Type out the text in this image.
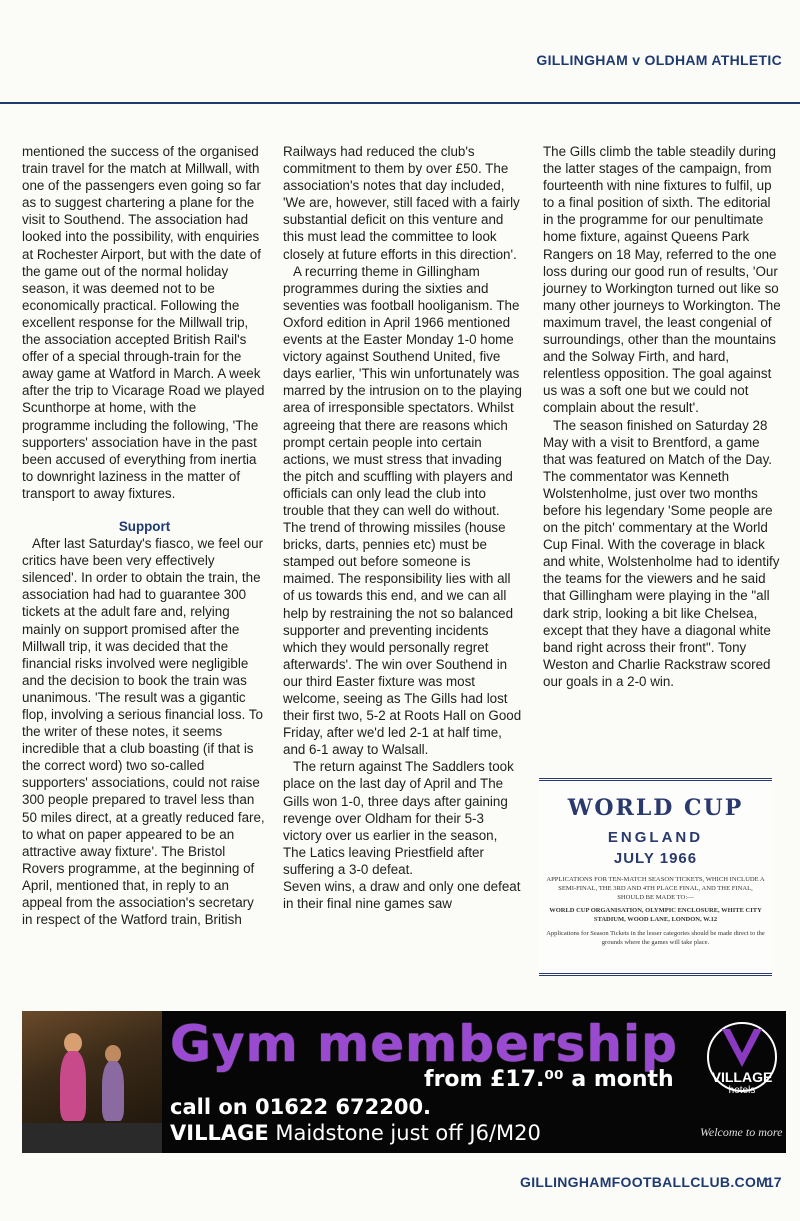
GILLINGHAM v OLDHAM ATHLETIC

mentioned the success of the organised train travel for the match at Millwall, with one of the passengers even going so far as to suggest chartering a plane for the visit to Southend. The association had looked into the possibility, with enquiries at Rochester Airport, but with the date of the game out of the normal holiday season, it was deemed not to be economically practical. Following the excellent response for the Millwall trip, the association accepted British Rail's offer of a special through-train for the away game at Watford in March. A week after the trip to Vicarage Road we played Scunthorpe at home, with the programme including the following, 'The supporters' association have in the past been accused of everything from inertia to downright laziness in the matter of transport to away fixtures.

Support

After last Saturday's fiasco, we feel our critics have been very effectively silenced'. In order to obtain the train, the association had had to guarantee 300 tickets at the adult fare and, relying mainly on support promised after the Millwall trip, it was decided that the financial risks involved were negligible and the decision to book the train was unanimous. 'The result was a gigantic flop, involving a serious financial loss. To the writer of these notes, it seems incredible that a club boasting (if that is the correct word) two so-called supporters' associations, could not raise 300 people prepared to travel less than 50 miles direct, at a greatly reduced fare, to what on paper appeared to be an attractive away fixture'. The Bristol Rovers programme, at the beginning of April, mentioned that, in reply to an appeal from the association's secretary in respect of the Watford train, British

Railways had reduced the club's commitment to them by over £50. The association's notes that day included, 'We are, however, still faced with a fairly substantial deficit on this venture and this must lead the committee to look closely at future efforts in this direction'.

A recurring theme in Gillingham programmes during the sixties and seventies was football hooliganism. The Oxford edition in April 1966 mentioned events at the Easter Monday 1-0 home victory against Southend United, five days earlier, 'This win unfortunately was marred by the intrusion on to the playing area of irresponsible spectators. Whilst agreeing that there are reasons which prompt certain people into certain actions, we must stress that invading the pitch and scuffling with players and officials can only lead the club into trouble that they can well do without. The trend of throwing missiles (house bricks, darts, pennies etc) must be stamped out before someone is maimed. The responsibility lies with all of us towards this end, and we can all help by restraining the not so balanced supporter and preventing incidents which they would personally regret afterwards'. The win over Southend in our third Easter fixture was most welcome, seeing as The Gills had lost their first two, 5-2 at Roots Hall on Good Friday, after we'd led 2-1 at half time, and 6-1 away to Walsall.

The return against The Saddlers took place on the last day of April and The Gills won 1-0, three days after gaining revenge over Oldham for their 5-3 victory over us earlier in the season, The Latics leaving Priestfield after suffering a 3-0 defeat.

Seven wins, a draw and only one defeat in their final nine games saw

The Gills climb the table steadily during the latter stages of the campaign, from fourteenth with nine fixtures to fulfil, up to a final position of sixth. The editorial in the programme for our penultimate home fixture, against Queens Park Rangers on 18 May, referred to the one loss during our good run of results, 'Our journey to Workington turned out like so many other journeys to Workington. The maximum travel, the least congenial of surroundings, other than the mountains and the Solway Firth, and hard, relentless opposition. The goal against us was a soft one but we could not complain about the result'.

The season finished on Saturday 28 May with a visit to Brentford, a game that was featured on Match of the Day. The commentator was Kenneth Wolstenholme, just over two months before his legendary 'Some people are on the pitch' commentary at the World Cup Final. With the coverage in black and white, Wolstenholme had to identify the teams for the viewers and he said that Gillingham were playing in the "all dark strip, looking a bit like Chelsea, except that they have a diagonal white band right across their front". Tony Weston and Charlie Rackstraw scored our goals in a 2-0 win.

WORLD CUP
ENGLAND
JULY 1966
APPLICATIONS FOR TEN-MATCH SEASON TICKETS, WHICH INCLUDE A SEMI-FINAL, THE 3RD AND 4TH PLACE FINAL, AND THE FINAL, SHOULD BE MADE TO:—
WORLD CUP ORGANISATION, OLYMPIC ENCLOSURE, WHITE CITY STADIUM, WOOD LANE, LONDON, W.12
Applications for Season Tickets in the lesser categories should be made direct to the grounds where the games will take place.
Gym membership
from £17.⁰⁰ a month
call on 01622 672200.
VILLAGE Maidstone just off J6/M20
VILLAGE
hotels
Welcome to more
GILLINGHAMFOOTBALLCLUB.COM
17
